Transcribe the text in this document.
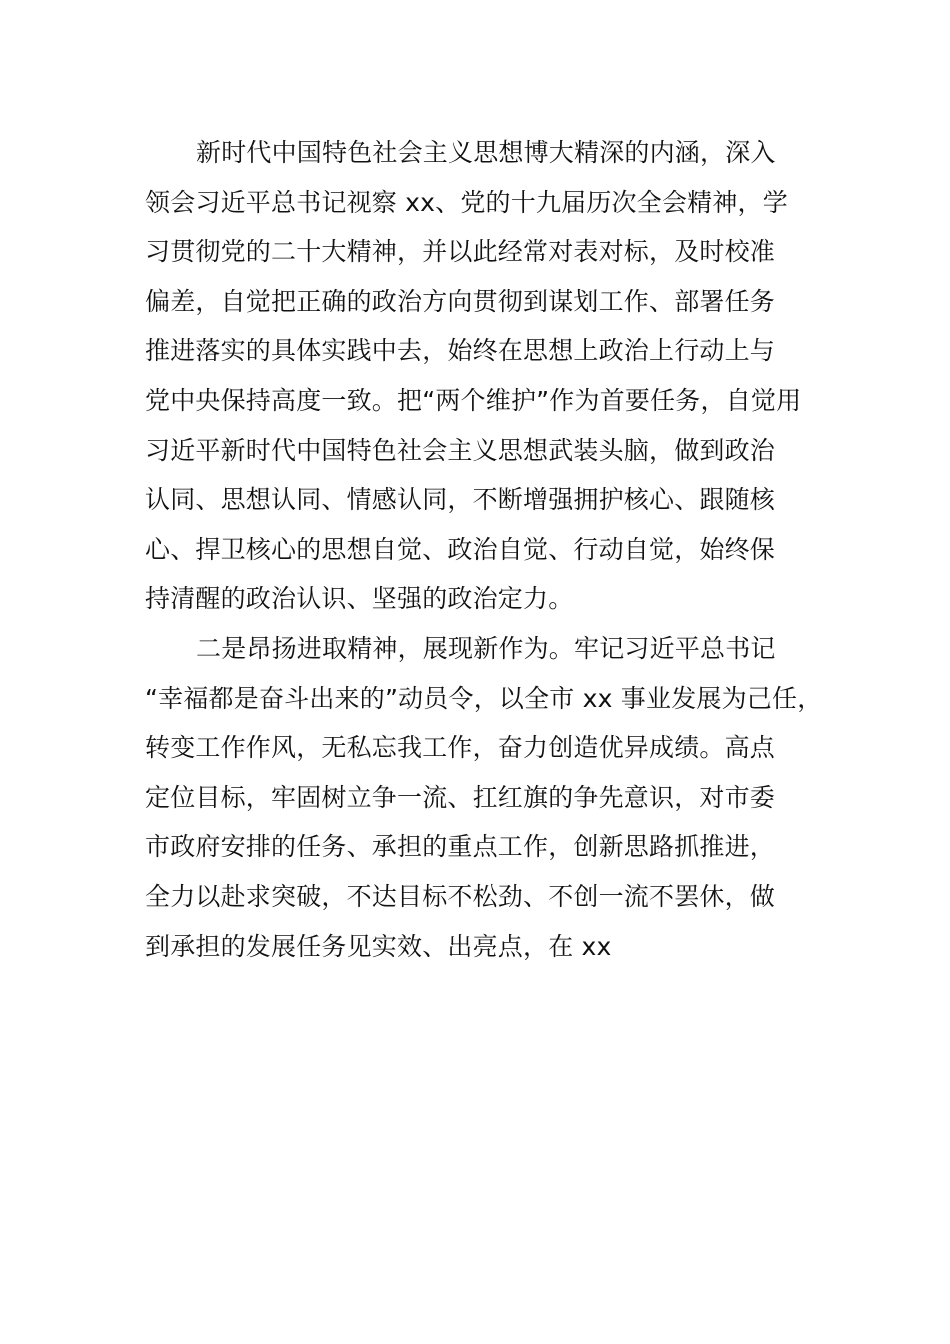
新时代中国特色社会主义思想博大精深的内涵，深入
领会习近平总书记视察 xx、党的十九届历次全会精神，学
习贯彻党的二十大精神，并以此经常对表对标，及时校准
偏差，自觉把正确的政治方向贯彻到谋划工作、部署任务
推进落实的具体实践中去，始终在思想上政治上行动上与
党中央保持高度一致。把“两个维护”作为首要任务，自觉用
习近平新时代中国特色社会主义思想武装头脑，做到政治
认同、思想认同、情感认同，不断增强拥护核心、跟随核
心、捍卫核心的思想自觉、政治自觉、行动自觉，始终保
持清醒的政治认识、坚强的政治定力。
二是昂扬进取精神，展现新作为。牢记习近平总书记
“幸福都是奋斗出来的”动员令，以全市 xx 事业发展为己任，
转变工作作风，无私忘我工作，奋力创造优异成绩。高点
定位目标，牢固树立争一流、扛红旗的争先意识，对市委
市政府安排的任务、承担的重点工作，创新思路抓推进，
全力以赴求突破，不达目标不松劲、不创一流不罢休，做
到承担的发展任务见实效、出亮点，在 xx
